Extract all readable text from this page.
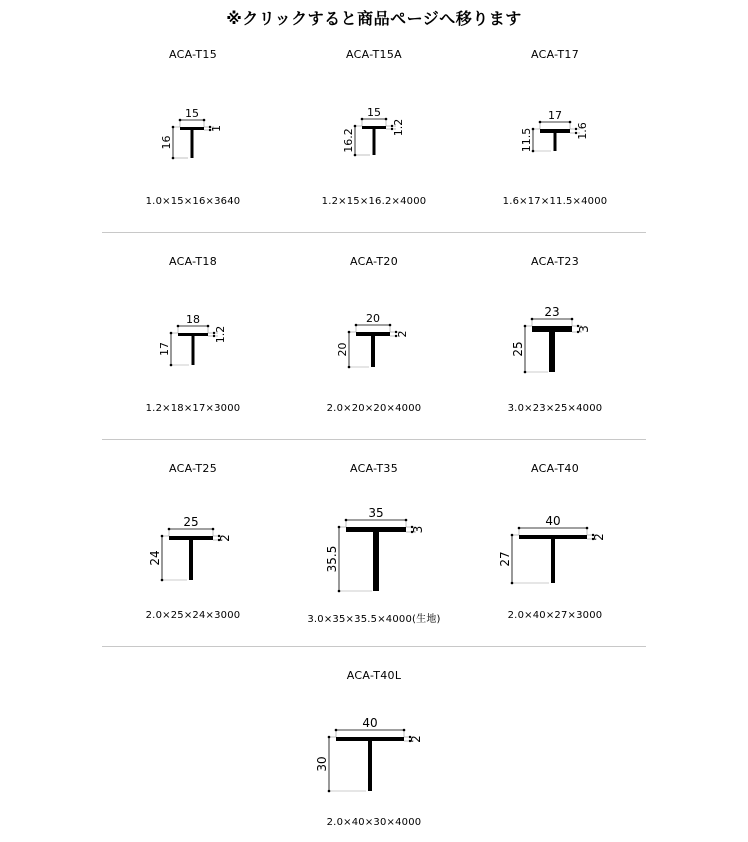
※クリックすると商品ページへ移ります
ACA-T15
15
16
1
1.0×15×16×3640
ACA-T15A
15
16.2
1.2
1.2×15×16.2×4000
ACA-T17
17
11.5	1.6
1.6×17×11.5×4000
ACA-T18
18
17
1.2
1.2×18×17×3000
ACA-T20
20
20
2
2.0×20×20×4000
ACA-T23
23
25
3
3.0×23×25×4000
ACA-T25
25
24
2
2.0×25×24×3000
ACA-T35
35
35.5
3
3.0×35×35.5×4000(生地)
ACA-T40
40
27
2
2.0×40×27×3000
ACA-T40L
40
30
2
2.0×40×30×4000
